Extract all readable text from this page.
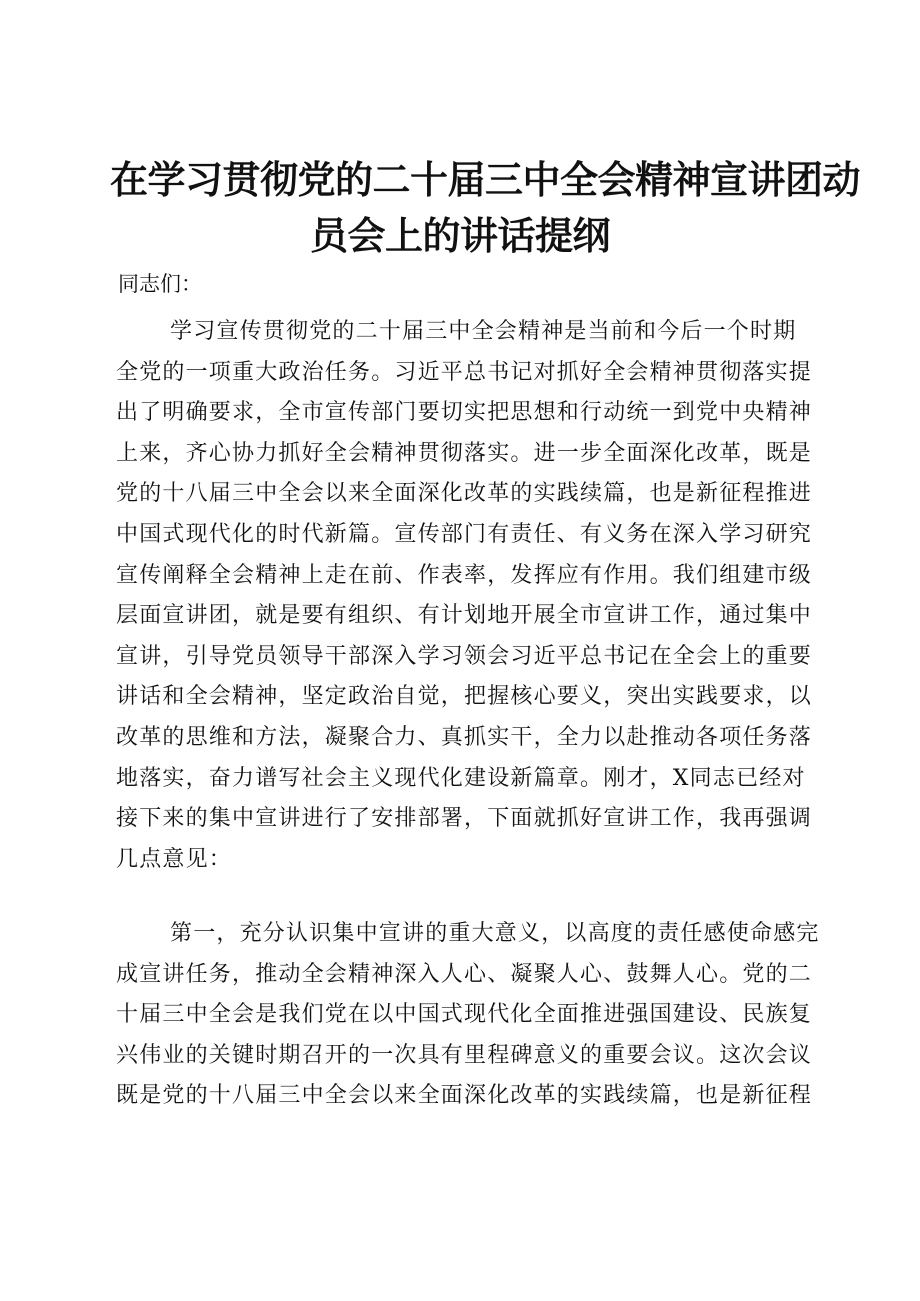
在学习贯彻党的二十届三中全会精神宣讲团动
员会上的讲话提纲

同志们：

学习宣传贯彻党的二十届三中全会精神是当前和今后一个时期
全党的一项重大政治任务。习近平总书记对抓好全会精神贯彻落实提
出了明确要求，全市宣传部门要切实把思想和行动统一到党中央精神
上来，齐心协力抓好全会精神贯彻落实。进一步全面深化改革，既是
党的十八届三中全会以来全面深化改革的实践续篇，也是新征程推进
中国式现代化的时代新篇。宣传部门有责任、有义务在深入学习研究
宣传阐释全会精神上走在前、作表率，发挥应有作用。我们组建市级
层面宣讲团，就是要有组织、有计划地开展全市宣讲工作，通过集中
宣讲，引导党员领导干部深入学习领会习近平总书记在全会上的重要
讲话和全会精神，坚定政治自觉，把握核心要义，突出实践要求，以
改革的思维和方法，凝聚合力、真抓实干，全力以赴推动各项任务落
地落实，奋力谱写社会主义现代化建设新篇章。刚才，X同志已经对
接下来的集中宣讲进行了安排部署，下面就抓好宣讲工作，我再强调
几点意见：
第一，充分认识集中宣讲的重大意义，以高度的责任感使命感完
成宣讲任务，推动全会精神深入人心、凝聚人心、鼓舞人心。党的二
十届三中全会是我们党在以中国式现代化全面推进强国建设、民族复
兴伟业的关键时期召开的一次具有里程碑意义的重要会议。这次会议
既是党的十八届三中全会以来全面深化改革的实践续篇，也是新征程
